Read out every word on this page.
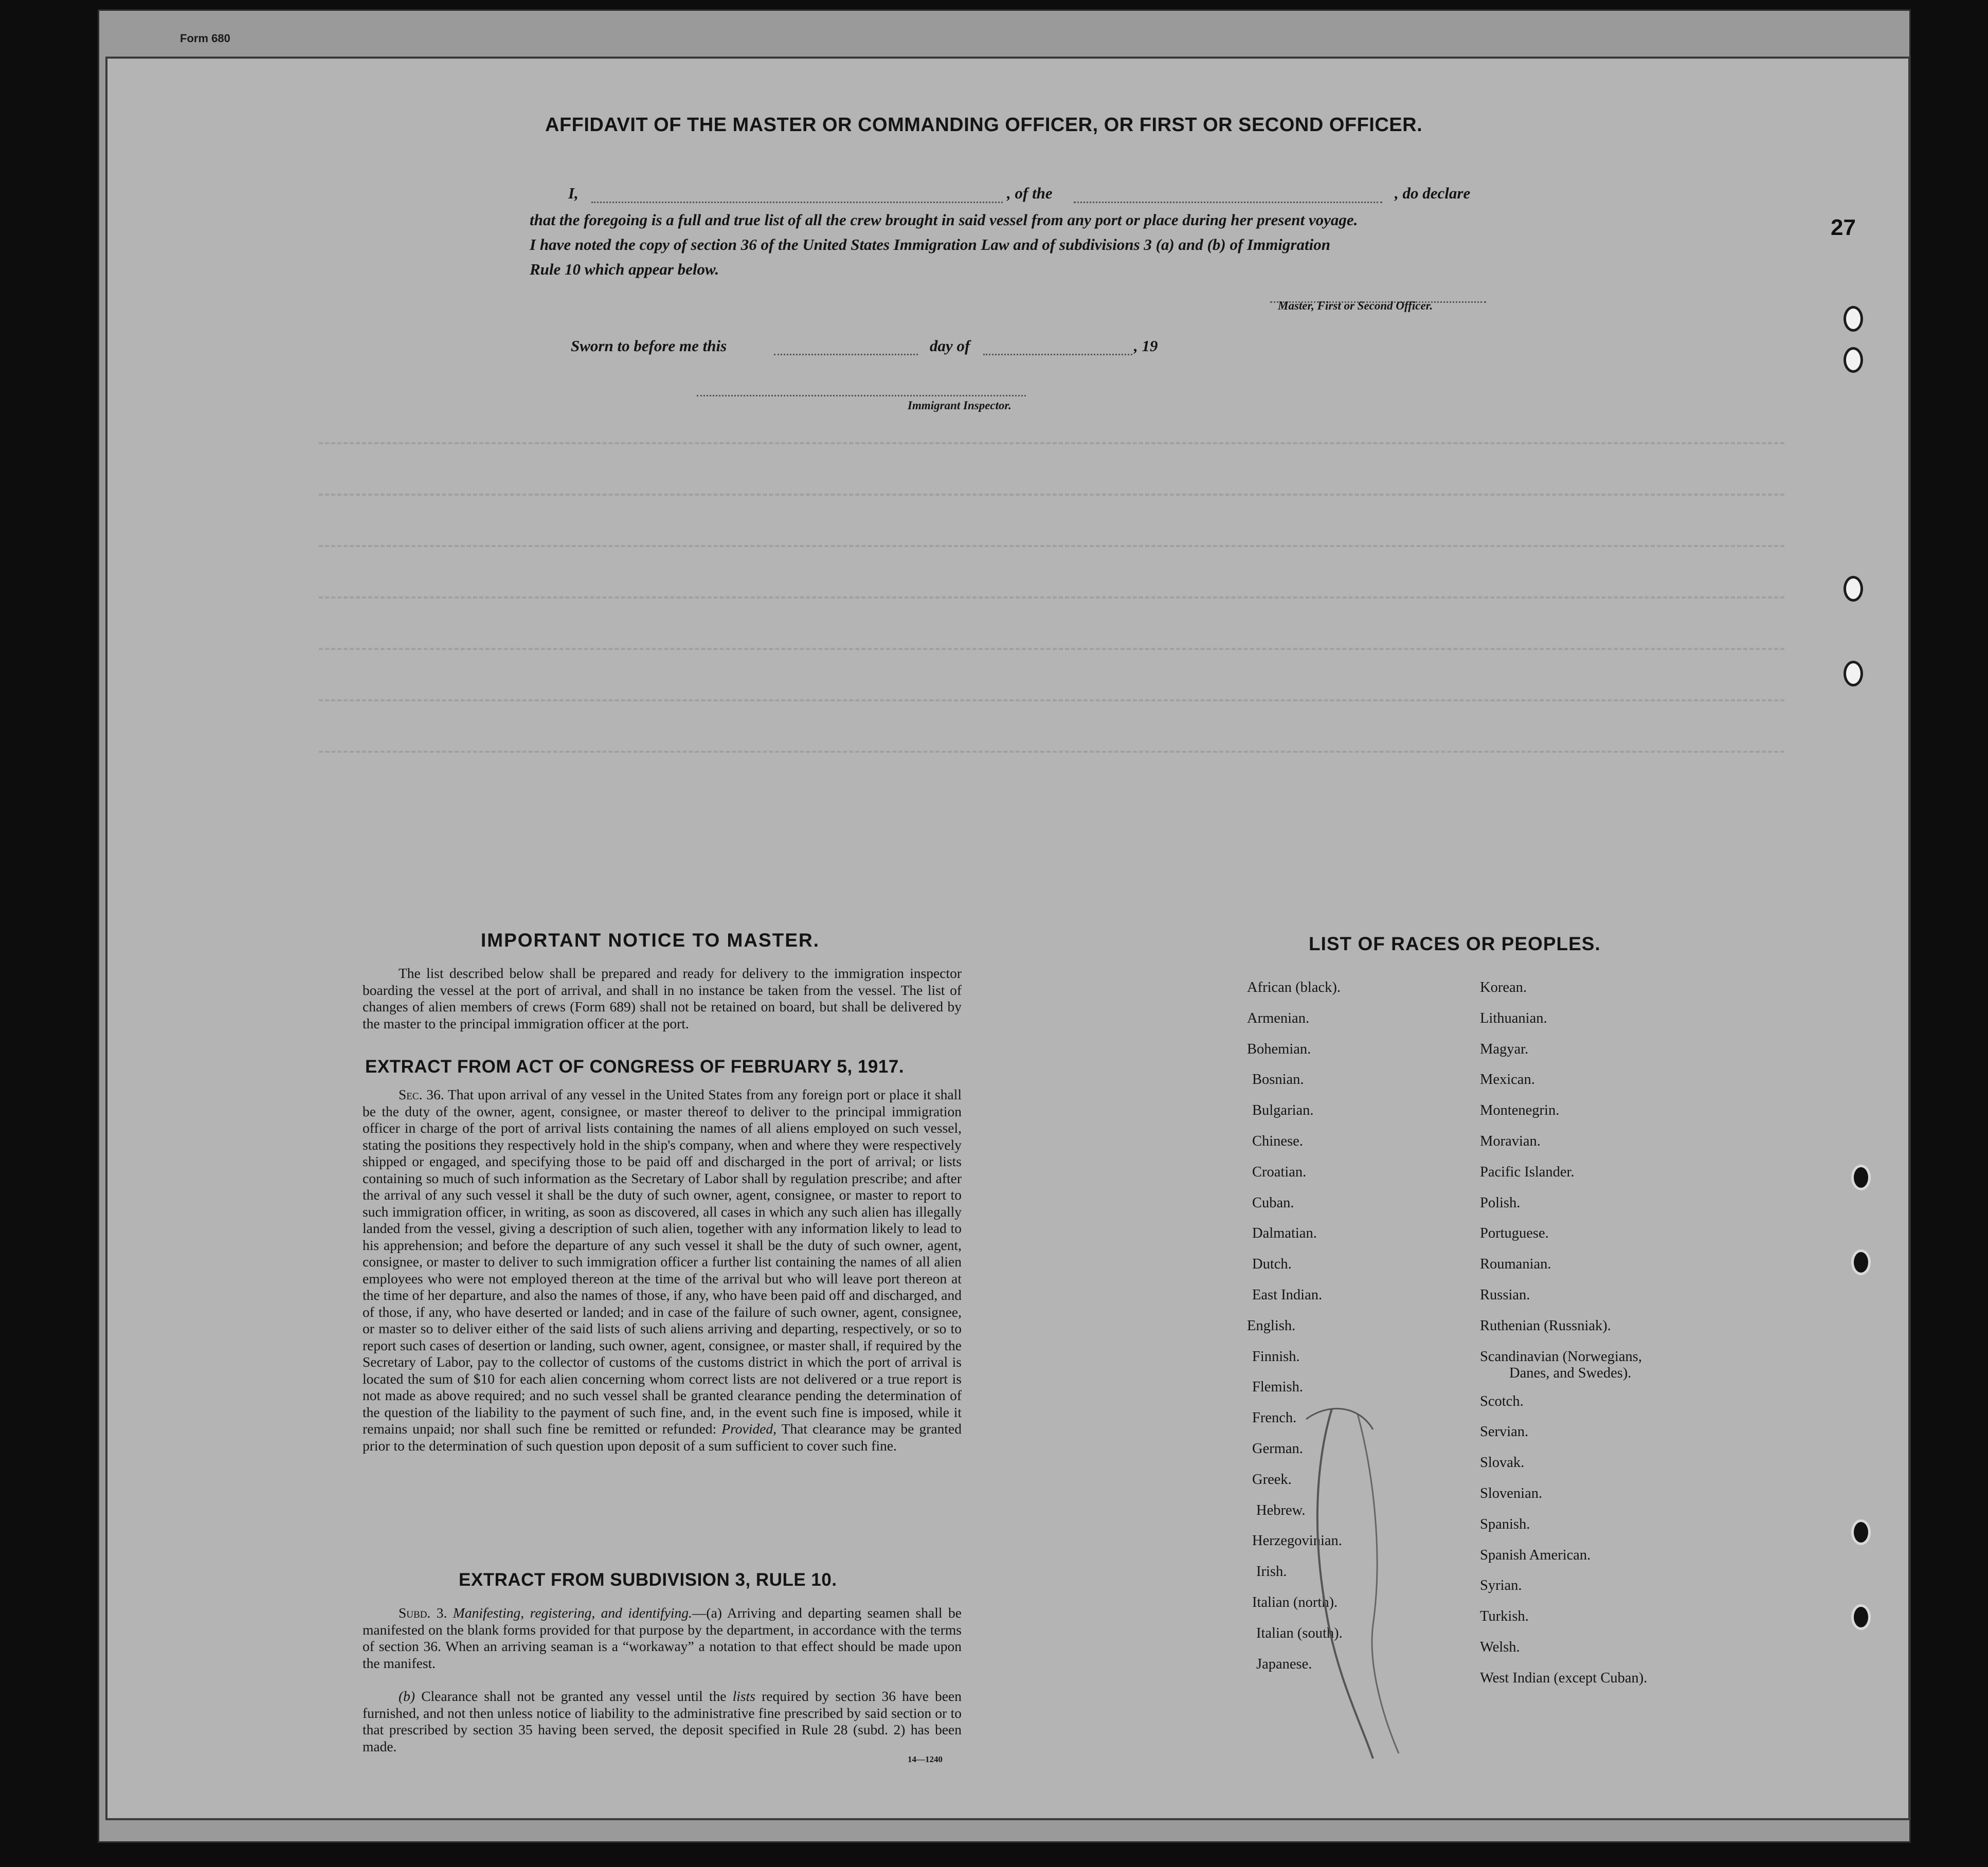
Form 680
27
AFFIDAVIT OF THE MASTER OR COMMANDING OFFICER, OR FIRST OR SECOND OFFICER.
I,	, of the	, do declare
that the foregoing is a full and true list of all the crew brought in said vessel from any port or place during her present voyage.
I have noted the copy of section 36 of the United States Immigration Law and of subdivisions 3 (a) and (b) of Immigration
Rule 10 which appear below.
Master, First or Second Officer.
Sworn to before me this	day of	, 19
Immigrant Inspector.
IMPORTANT NOTICE TO MASTER.
The list described below shall be prepared and ready for delivery to the immigration inspector boarding the vessel at the port of arrival, and shall in no instance be taken from the vessel. The list of changes of alien members of crews (Form 689) shall not be retained on board, but shall be delivered by the master to the principal immigration officer at the port.
EXTRACT FROM ACT OF CONGRESS OF FEBRUARY 5, 1917.
Sec. 36. That upon arrival of any vessel in the United States from any foreign port or place it shall be the duty of the owner, agent, consignee, or master thereof to deliver to the principal immigration officer in charge of the port of arrival lists containing the names of all aliens employed on such vessel, stating the positions they respectively hold in the ship's company, when and where they were respectively shipped or engaged, and specifying those to be paid off and discharged in the port of arrival; or lists containing so much of such information as the Secretary of Labor shall by regulation prescribe; and after the arrival of any such vessel it shall be the duty of such owner, agent, consignee, or master to report to such immigration officer, in writing, as soon as discovered, all cases in which any such alien has illegally landed from the vessel, giving a description of such alien, together with any information likely to lead to his apprehension; and before the departure of any such vessel it shall be the duty of such owner, agent, consignee, or master to deliver to such immigration officer a further list containing the names of all alien employees who were not employed thereon at the time of the arrival but who will leave port thereon at the time of her departure, and also the names of those, if any, who have been paid off and discharged, and of those, if any, who have deserted or landed; and in case of the failure of such owner, agent, consignee, or master so to deliver either of the said lists of such aliens arriving and departing, respectively, or so to report such cases of desertion or landing, such owner, agent, consignee, or master shall, if required by the Secretary of Labor, pay to the collector of customs of the customs district in which the port of arrival is located the sum of $10 for each alien concerning whom correct lists are not delivered or a true report is not made as above required; and no such vessel shall be granted clearance pending the determination of the question of the liability to the payment of such fine, and, in the event such fine is imposed, while it remains unpaid; nor shall such fine be remitted or refunded: Provided, That clearance may be granted prior to the determination of such question upon deposit of a sum sufficient to cover such fine.
EXTRACT FROM SUBDIVISION 3, RULE 10.
Subd. 3. Manifesting, registering, and identifying.—(a) Arriving and departing seamen shall be manifested on the blank forms provided for that purpose by the department, in accordance with the terms of section 36. When an arriving seaman is a “workaway” a notation to that effect should be made upon the manifest.
(b) Clearance shall not be granted any vessel until the lists required by section 36 have been furnished, and not then unless notice of liability to the administrative fine prescribed by said section or to that prescribed by section 35 having been served, the deposit specified in Rule 28 (subd. 2) has been made.
14—1240
LIST OF RACES OR PEOPLES.
African (black).
Armenian.
Bohemian.
Bosnian.
Bulgarian.
Chinese.
Croatian.
Cuban.
Dalmatian.
Dutch.
East Indian.
English.
Finnish.
Flemish.
French.
German.
Greek.
Hebrew.
Herzegovinian.
Irish.
Italian (north).
Italian (south).
Japanese.
Korean.
Lithuanian.
Magyar.
Mexican.
Montenegrin.
Moravian.
Pacific Islander.
Polish.
Portuguese.
Roumanian.
Russian.
Ruthenian (Russniak).
Scandinavian (Norwegians,
Danes, and Swedes).
Scotch.
Servian.
Slovak.
Slovenian.
Spanish.
Spanish American.
Syrian.
Turkish.
Welsh.
West Indian (except Cuban).
